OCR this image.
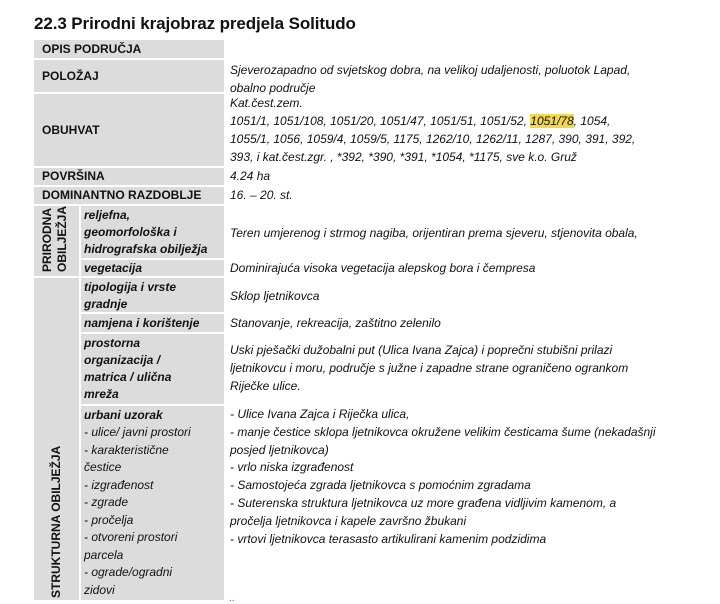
22.3 Prirodni krajobraz predjela Solitudo
OPIS PODRUČJA
POLOŽAJ
OBUHVAT
POVRŠINA
DOMINANTNO RAZDOBLJE
Sjeverozapadno od svjetskog dobra, na velikoj udaljenosti, poluotok Lapad,
obalno područje
Kat.čest.zem.
1051/1, 1051/108, 1051/20, 1051/47, 1051/51, 1051/52, 1051/78, 1054,
1055/1, 1056, 1059/4, 1059/5, 1175, 1262/10, 1262/11, 1287, 390, 391, 392,
393, i kat.čest.zgr. , *392, *390, *391, *1054, *1175, sve k.o. Gruž
4.24 ha
16. – 20. st.
PRIRODNA OBILJEŽJA
STRUKTURNA OBILJEŽJA
reljefna,
geomorfološka i
hidrografska obilježja
Teren umjerenog i strmog nagiba, orijentiran prema sjeveru, stjenovita obala,
vegetacija	Dominirajuća visoka vegetacija alepskog bora i čempresa
tipologija i vrste
gradnje
Sklop ljetnikovca
namjena i korištenje	Stanovanje, rekreacija, zaštitno zelenilo
prostorna
organizacija /
matrica / ulična
mreža
Uski pješački dužobalni put (Ulica Ivana Zajca) i poprečni stubišni prilazi
ljetnikovcu i moru, područje s južne i zapadne strane ograničeno ogrankom
Riječke ulice.
urbani uzorak
- ulice/ javni prostori
- karakteristične
čestice
- izgrađenost
- zgrade
- pročelja
- otvoreni prostori
parcela
- ograde/ogradni
zidovi
- Ulice Ivana Zajca i Riječka ulica,
- manje čestice sklopa ljetnikovca okružene velikim česticama šume (nekadašnji
posjed ljetnikovca)
- vrlo niska izgrađenost
- Samostojeća zgrada ljetnikovca s pomoćnim zgradama
- Suterenska struktura ljetnikovca uz more građena vidljivim kamenom, a
pročelja ljetnikovca i kapele završno žbukani
- vrtovi ljetnikovca terasasto artikulirani kamenim podzidima
..
